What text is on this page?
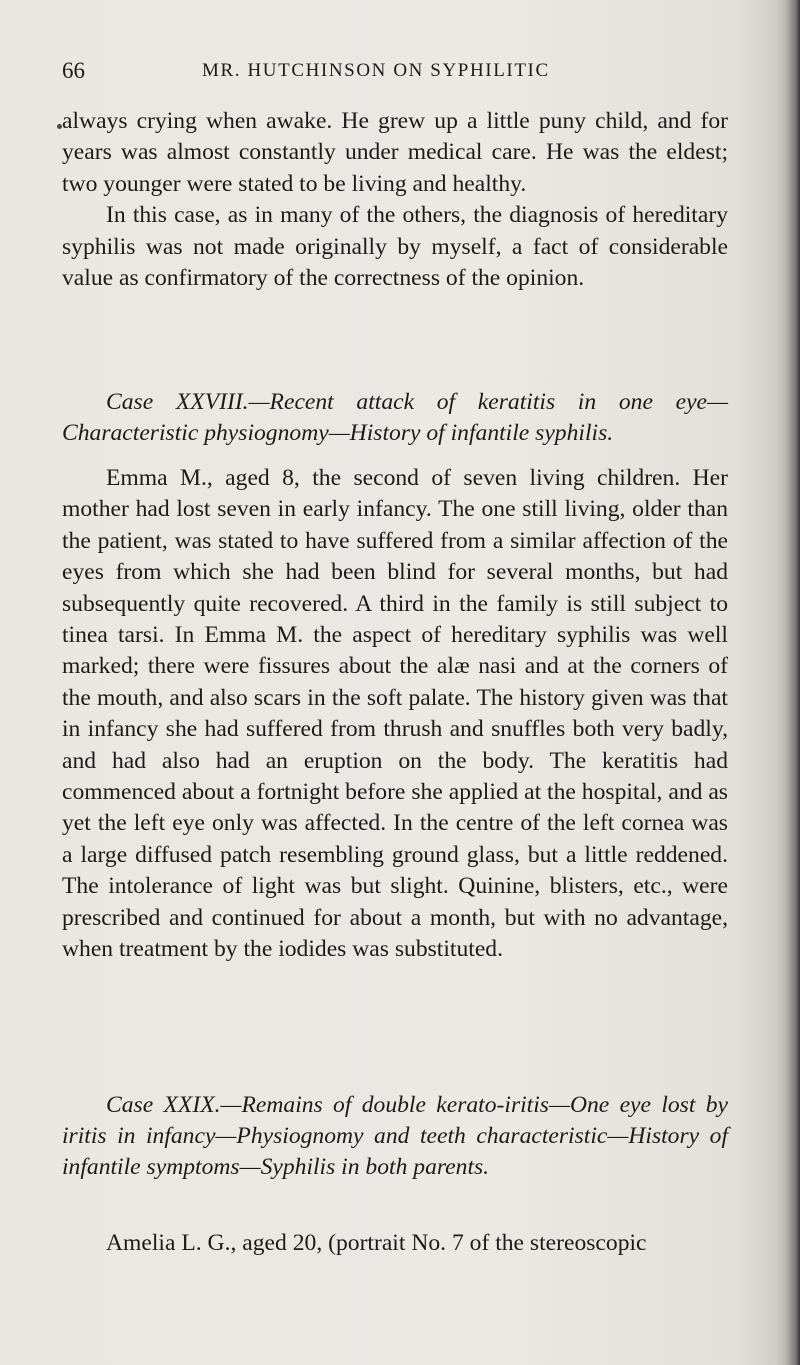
66	MR. HUTCHINSON ON SYPHILITIC

always crying when awake. He grew up a little puny child, and for years was almost constantly under medical care. He was the eldest; two younger were stated to be living and healthy.

In this case, as in many of the others, the diagnosis of hereditary syphilis was not made originally by myself, a fact of considerable value as confirmatory of the correctness of the opinion.

Case XXVIII.—Recent attack of keratitis in one eye—Characteristic physiognomy—History of infantile syphilis.

Emma M., aged 8, the second of seven living children. Her mother had lost seven in early infancy. The one still living, older than the patient, was stated to have suffered from a similar affection of the eyes from which she had been blind for several months, but had subsequently quite recovered. A third in the family is still subject to tinea tarsi. In Emma M. the aspect of hereditary syphilis was well marked; there were fissures about the alæ nasi and at the corners of the mouth, and also scars in the soft palate. The history given was that in infancy she had suffered from thrush and snuffles both very badly, and had also had an eruption on the body. The keratitis had commenced about a fortnight before she applied at the hospital, and as yet the left eye only was affected. In the centre of the left cornea was a large diffused patch resembling ground glass, but a little reddened. The intolerance of light was but slight. Quinine, blisters, etc., were prescribed and continued for about a month, but with no advantage, when treatment by the iodides was substituted.

Case XXIX.—Remains of double kerato-iritis—One eye lost by iritis in infancy—Physiognomy and teeth characteristic—History of infantile symptoms—Syphilis in both parents.

Amelia L. G., aged 20, (portrait No. 7 of the stereoscopic
